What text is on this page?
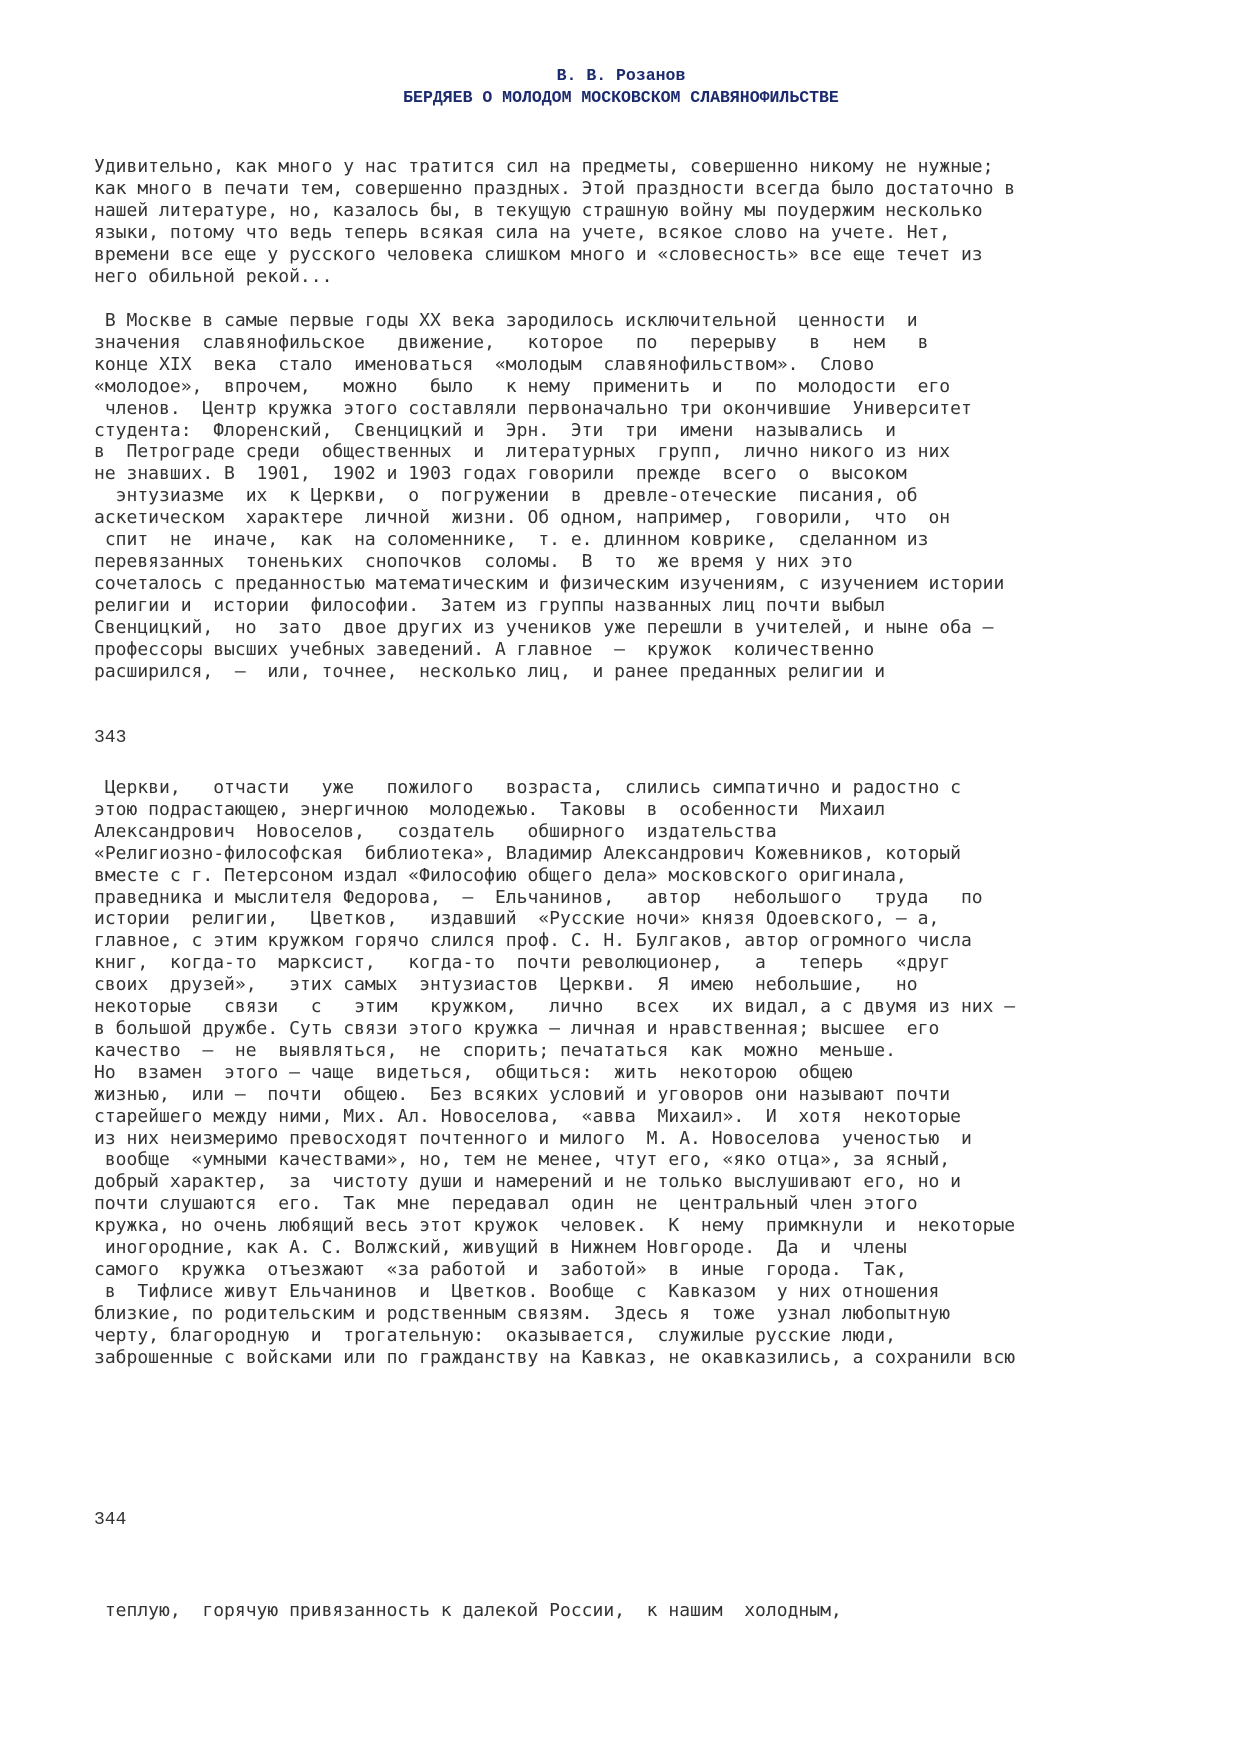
В. В. Розанов
БЕРДЯЕВ О МОЛОДОМ МОСКОВСКОМ СЛАВЯНОФИЛЬСТВЕ
Удивительно, как много у нас тратится сил на предметы, совершенно никому не нужные;
как много в печати тем, совершенно праздных. Этой праздности всегда было достаточно в
нашей литературе, но, казалось бы, в текущую страшную войну мы поудержим несколько
языки, потому что ведь теперь всякая сила на учете, всякое слово на учете. Нет,
времени все еще у русского человека слишком много и «словесность» все еще течет из
него обильной рекой...
В Москве в самые первые годы XX века зародилось исключительной  ценности  и
значения  славянофильское   движение,   которое   по   перерыву   в   нем   в
конце XIX  века  стало  именоваться  «молодым  славянофильством».  Слово
«молодое»,  впрочем,   можно   было   к нему  применить  и   по  молодости  его
членов.  Центр кружка этого составляли первоначально три окончившие  Университет
студента:  Флоренский,  Свенцицкий и  Эрн.  Эти  три  имени  назывались  и
в  Петрограде среди  общественных  и  литературных  групп,  лично никого из них
не знавших. В  1901,  1902 и 1903 годах говорили  прежде  всего  о  высоком
энтузиазме  их  к Церкви,  о  погружении  в  древле-отеческие  писания, об
аскетическом  характере  личной  жизни. Об одном, например,  говорили,  что  он
спит  не  иначе,  как  на соломеннике,  т. е. длинном коврике,  сделанном из
перевязанных  тоненьких  снопочков  соломы.  В  то  же время у них это
сочеталось с преданностью математическим и физическим изучениям, с изучением истории
религии и  истории  философии.  Затем из группы названных лиц почти выбыл
Свенцицкий,  но  зато  двое других из учеников уже перешли в учителей, и ныне оба —
профессоры высших учебных заведений. А главное  —  кружок  количественно
расширился,  —  или, точнее,  несколько лиц,  и ранее преданных религии и
343
Церкви,   отчасти   уже   пожилого   возраста,  слились симпатично и радостно с
этою подрастающею, энергичною  молодежью.  Таковы  в  особенности  Михаил
Александрович  Новоселов,   создатель   обширного  издательства
«Религиозно-философская  библиотека», Владимир Александрович Кожевников, который
вместе с г. Петерсоном издал «Философию общего дела» московского оригинала,
праведника и мыслителя Федорова,  —  Ельчанинов,   автор   небольшого   труда   по
истории  религии,   Цветков,   издавший  «Русские ночи» князя Одоевского, — а,
главное, с этим кружком горячо слился проф. С. Н. Булгаков, автор огромного числа
книг,  когда-то  марксист,   когда-то  почти революционер,   а   теперь   «друг
своих  друзей»,   этих самых  энтузиастов  Церкви.  Я  имею  небольшие,   но
некоторые   связи   с   этим   кружком,   лично   всех   их видал, а с двумя из них —
в большой дружбе. Суть связи этого кружка — личная и нравственная; высшее  его
качество  —  не  выявляться,  не  спорить; печататься  как  можно  меньше.
Но  взамен  этого — чаще  видеться,  общиться:  жить  некоторою  общею
жизнью,  или —  почти  общею.  Без всяких условий и уговоров они называют почти
старейшего между ними, Мих. Ал. Новоселова,  «авва  Михаил».  И  хотя  некоторые
из них неизмеримо превосходят почтенного и милого  М. А. Новоселова  ученостью  и
вообще  «умными качествами», но, тем не менее, чтут его, «яко отца», за ясный,
добрый характер,  за  чистоту души и намерений и не только выслушивают его, но и
почти слушаются  его.  Так  мне  передавал  один  не  центральный член этого
кружка, но очень любящий весь этот кружок  человек.  К  нему  примкнули  и  некоторые
иногородние, как А. С. Волжский, живущий в Нижнем Новгороде.  Да  и  члены
самого  кружка  отъезжают  «за работой  и  заботой»  в  иные  города.  Так,
в  Тифлисе живут Ельчанинов  и  Цветков. Вообще  с  Кавказом  у них отношения
близкие, по родительским и родственным связям.  Здесь я  тоже  узнал любопытную
черту, благородную  и  трогательную:  оказывается,  служилые русские люди,
заброшенные с войсками или по гражданству на Кавказ, не окавказились, а сохранили всю
344
теплую,  горячую привязанность к далекой России,  к нашим  холодным,
